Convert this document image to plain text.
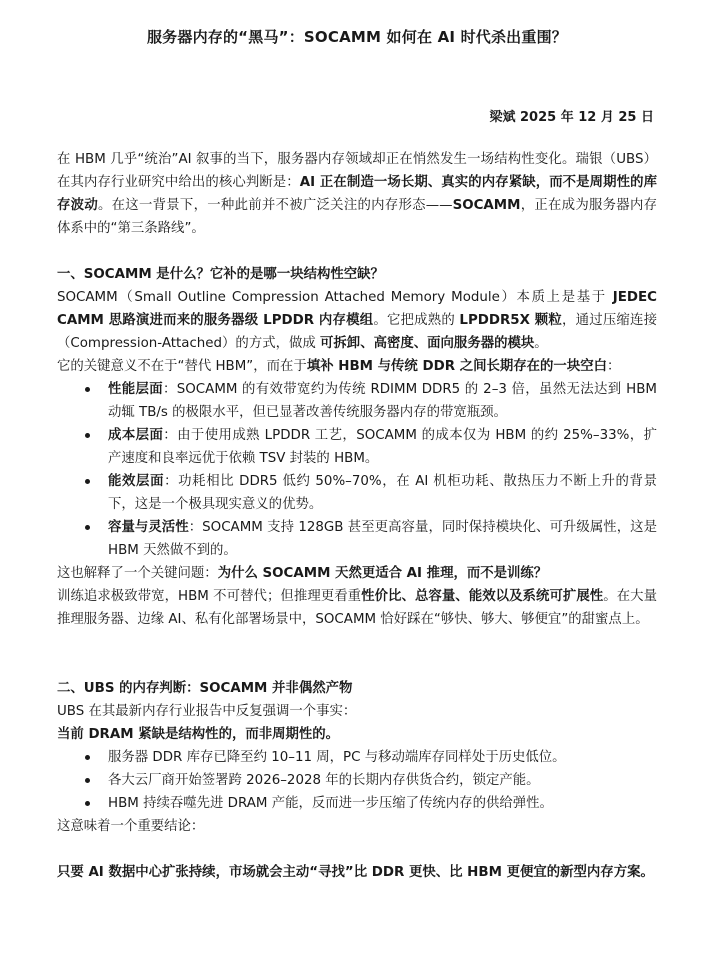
服务器内存的“黑马”：SOCAMM 如何在 AI 时代杀出重围？
梁斌 2025 年 12 月 25 日

在 HBM 几乎“统治”AI 叙事的当下，服务器内存领域却正在悄然发生一场结构性变化。瑞银（UBS）在其内存行业研究中给出的核心判断是：AI 正在制造一场长期、真实的内存紧缺，而不是周期性的库存波动。在这一背景下，一种此前并不被广泛关注的内存形态——SOCAMM，正在成为服务器内存体系中的“第三条路线”。

一、SOCAMM 是什么？它补的是哪一块结构性空缺？

SOCAMM（Small Outline Compression Attached Memory Module）本质上是基于 JEDEC CAMM 思路演进而来的服务器级 LPDDR 内存模组。它把成熟的 LPDDR5X 颗粒，通过压缩连接（Compression-Attached）的方式，做成 可拆卸、高密度、面向服务器的模块。

它的关键意义不在于“替代 HBM”，而在于填补 HBM 与传统 DDR 之间长期存在的一块空白：

性能层面：SOCAMM 的有效带宽约为传统 RDIMM DDR5 的 2–3 倍，虽然无法达到 HBM 动辄 TB/s 的极限水平，但已显著改善传统服务器内存的带宽瓶颈。
成本层面：由于使用成熟 LPDDR 工艺，SOCAMM 的成本仅为 HBM 的约 25%–33%，扩产速度和良率远优于依赖 TSV 封装的 HBM。
能效层面：功耗相比 DDR5 低约 50%–70%，在 AI 机柜功耗、散热压力不断上升的背景下，这是一个极具现实意义的优势。
容量与灵活性：SOCAMM 支持 128GB 甚至更高容量，同时保持模块化、可升级属性，这是 HBM 天然做不到的。

这也解释了一个关键问题：为什么 SOCAMM 天然更适合 AI 推理，而不是训练？

训练追求极致带宽，HBM 不可替代；但推理更看重性价比、总容量、能效以及系统可扩展性。在大量推理服务器、边缘 AI、私有化部署场景中，SOCAMM 恰好踩在“够快、够大、够便宜”的甜蜜点上。

二、UBS 的内存判断：SOCAMM 并非偶然产物

UBS 在其最新内存行业报告中反复强调一个事实：

当前 DRAM 紧缺是结构性的，而非周期性的。

服务器 DDR 库存已降至约 10–11 周，PC 与移动端库存同样处于历史低位。
各大云厂商开始签署跨 2026–2028 年的长期内存供货合约，锁定产能。
HBM 持续吞噬先进 DRAM 产能，反而进一步压缩了传统内存的供给弹性。

这意味着一个重要结论：

只要 AI 数据中心扩张持续，市场就会主动“寻找”比 DDR 更快、比 HBM 更便宜的新型内存方案。
